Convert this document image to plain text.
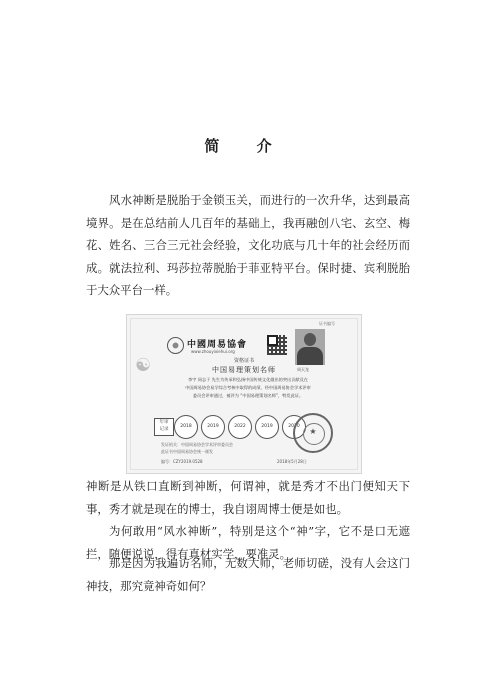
简 介

风水神断是脱胎于金锁玉关，而进行的一次升华，达到最高境界。是在总结前人几百年的基础上，我再融创八宅、玄空、梅花、姓名、三合三元社会经验，文化功底与几十年的社会经历而成。就法拉利、玛莎拉蒂脱胎于菲亚特平台。保时捷、宾利脱胎于大众平台一样。

证书编号
☯
中國周易協會
www.zhouyixiehui.org
周天龙
资格证书
中国易理策划名师
李宇 同志于 先生为传承和弘扬中国传统文化做出的突出贡献及在
中国周易协会易学综合考核中取得的成绩，经中国周易协会学术评审
委员会评审通过，被评为 “中国易理策划名师”，特发此证。
年审
记录
2018	2019	2022	2019	2020
发证机关：中国周易协会学术评审委员会
此证书中国周易协会统一颁发
编号：CZY2019.0528	2018年5月28日
★

神断是从铁口直断到神断，何谓神，就是秀才不出门便知天下事，秀才就是现在的博士，我自诩周博士便是如也。

为何敢用“风水神断”，特别是这个“神”字，它不是口无遮拦，随便说说，得有真材实学，要准灵。

那是因为我遍访名师，无数大师，老师切磋，没有人会这门神技，那究竟神奇如何？
